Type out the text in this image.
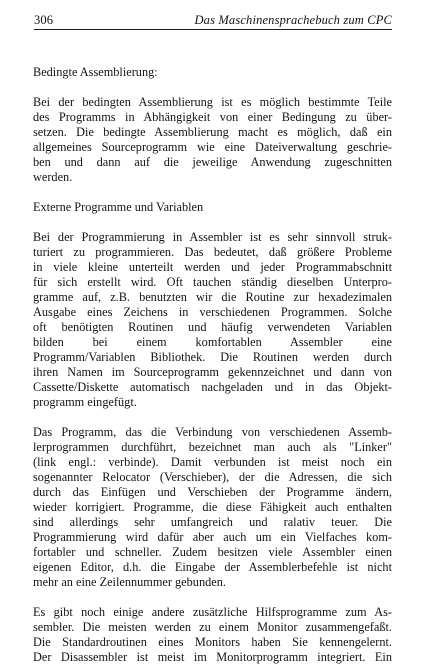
306	Das Maschinensprachebuch zum CPC

Bedingte Assemblierung:

Bei der bedingten Assemblierung ist es möglich bestimmte Teile
des Programms in Abhängigkeit von einer Bedingung zu über-
setzen. Die bedingte Assemblierung macht es möglich, daß ein
allgemeines Sourceprogramm wie eine Dateiverwaltung geschrie-
ben und dann auf die jeweilige Anwendung zugeschnitten
werden.

Externe Programme und Variablen

Bei der Programmierung in Assembler ist es sehr sinnvoll struk-
turiert zu programmieren. Das bedeutet, daß größere Probleme
in viele kleine unterteilt werden und jeder Programmabschnitt
für sich erstellt wird. Oft tauchen ständig dieselben Unterpro-
gramme auf, z.B. benutzten wir die Routine zur hexadezimalen
Ausgabe eines Zeichens in verschiedenen Programmen. Solche
oft benötigten Routinen und häufig verwendeten Variablen
bilden bei einem komfortablen Assembler eine
Programm/Variablen Bibliothek. Die Routinen werden durch
ihren Namen im Sourceprogramm gekennzeichnet und dann von
Cassette/Diskette automatisch nachgeladen und in das Objekt-
programm eingefügt.

Das Programm, das die Verbindung von verschiedenen Assemb-
lerprogrammen durchführt, bezeichnet man auch als "Linker"
(link engl.: verbinde). Damit verbunden ist meist noch ein
sogenannter Relocator (Verschieber), der die Adressen, die sich
durch das Einfügen und Verschieben der Programme ändern,
wieder korrigiert. Programme, die diese Fähigkeit auch enthalten
sind allerdings sehr umfangreich und ralativ teuer. Die
Programmierung wird dafür aber auch um ein Vielfaches kom-
fortabler und schneller. Zudem besitzen viele Assembler einen
eigenen Editor, d.h. die Eingabe der Assemblerbefehle ist nicht
mehr an eine Zeilennummer gebunden.

Es gibt noch einige andere zusätzliche Hilfsprogramme zum As-
sembler. Die meisten werden zu einem Monitor zusammengefaßt.
Die Standardroutinen eines Monitors haben Sie kennengelernt.
Der Disassembler ist meist im Monitorprogramm integriert. Ein
